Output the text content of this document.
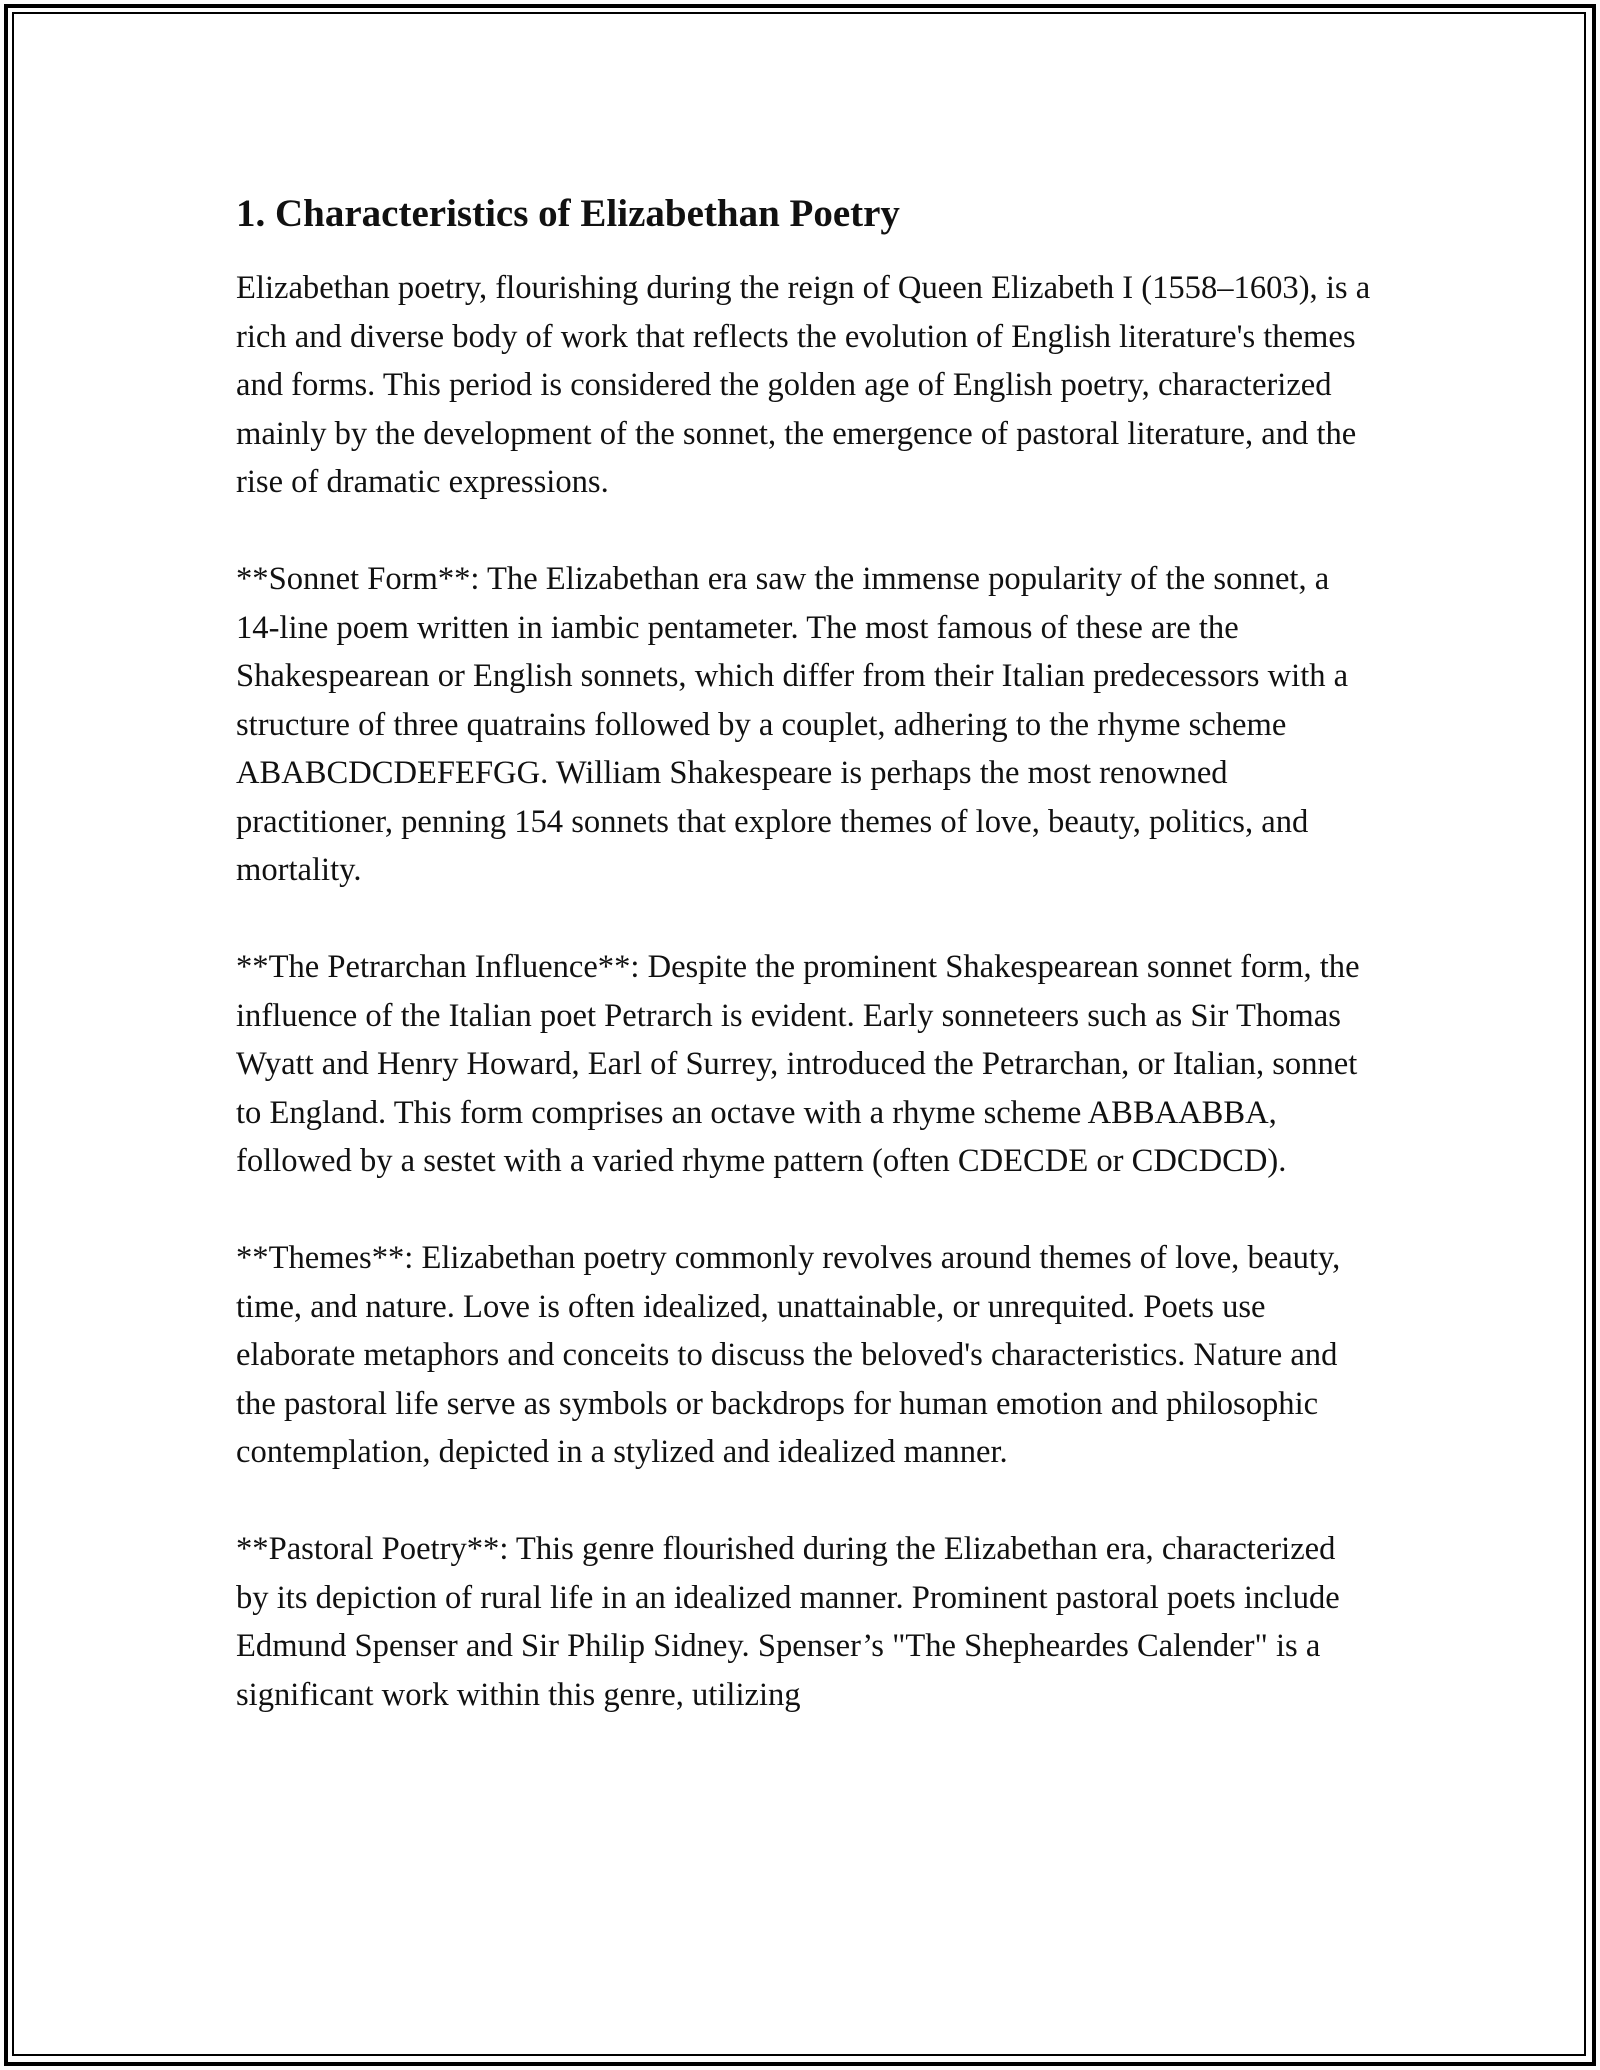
1. Characteristics of Elizabethan Poetry

Elizabethan poetry, flourishing during the reign of Queen Elizabeth I (1558–1603), is a rich and diverse body of work that reflects the evolution of English literature's themes and forms. This period is considered the golden age of English poetry, characterized mainly by the development of the sonnet, the emergence of pastoral literature, and the rise of dramatic expressions.

**Sonnet Form**: The Elizabethan era saw the immense popularity of the sonnet, a 14-line poem written in iambic pentameter. The most famous of these are the Shakespearean or English sonnets, which differ from their Italian predecessors with a structure of three quatrains followed by a couplet, adhering to the rhyme scheme ABABCDCDEFEFGG. William Shakespeare is perhaps the most renowned practitioner, penning 154 sonnets that explore themes of love, beauty, politics, and mortality.

**The Petrarchan Influence**: Despite the prominent Shakespearean sonnet form, the influence of the Italian poet Petrarch is evident. Early sonneteers such as Sir Thomas Wyatt and Henry Howard, Earl of Surrey, introduced the Petrarchan, or Italian, sonnet to England. This form comprises an octave with a rhyme scheme ABBAABBA, followed by a sestet with a varied rhyme pattern (often CDECDE or CDCDCD).

**Themes**: Elizabethan poetry commonly revolves around themes of love, beauty, time, and nature. Love is often idealized, unattainable, or unrequited. Poets use elaborate metaphors and conceits to discuss the beloved's characteristics. Nature and the pastoral life serve as symbols or backdrops for human emotion and philosophic contemplation, depicted in a stylized and idealized manner.

**Pastoral Poetry**: This genre flourished during the Elizabethan era, characterized by its depiction of rural life in an idealized manner. Prominent pastoral poets include Edmund Spenser and Sir Philip Sidney. Spenser’s "The Shepheardes Calender" is a significant work within this genre, utilizing
